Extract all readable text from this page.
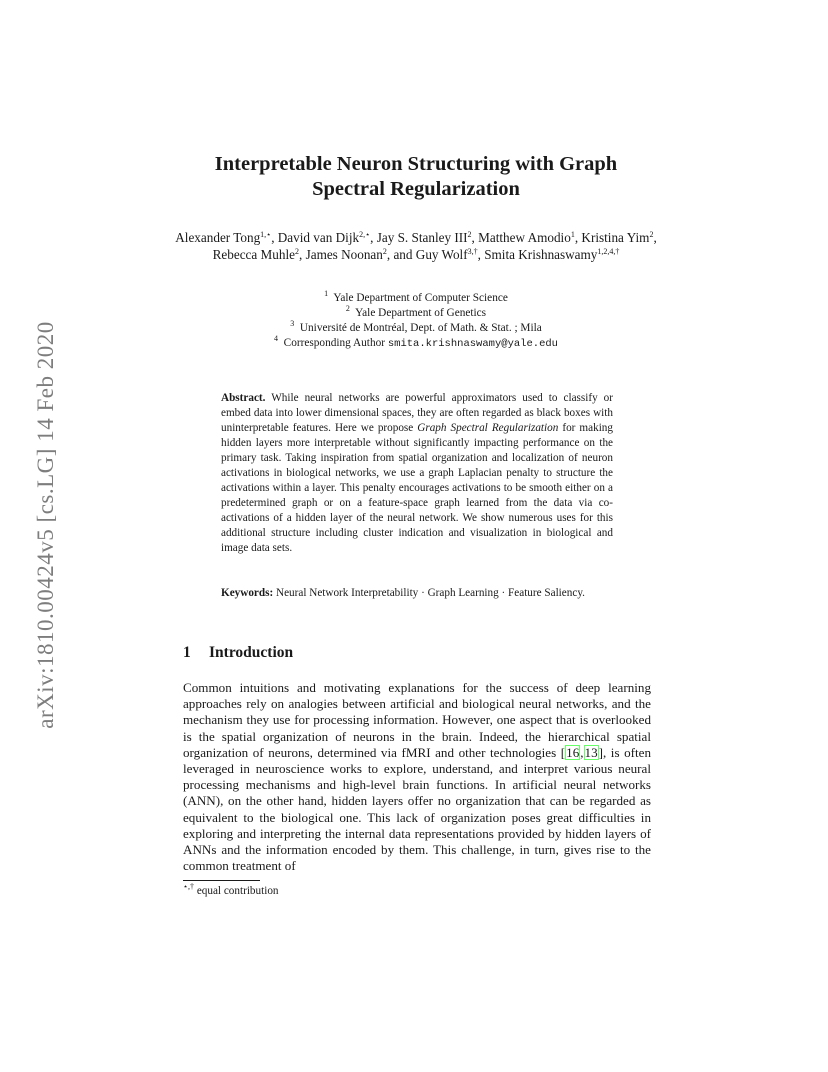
arXiv:1810.00424v5 [cs.LG] 14 Feb 2020
Interpretable Neuron Structuring with Graph
Spectral Regularization
Alexander Tong$^{1,⋆}$, David van Dijk$^{2,⋆}$, Jay S. Stanley III$^2$, Matthew Amodio$^1$, Kristina Yim$^2$, Rebecca Muhle$^2$, James Noonan$^2$, and Guy Wolf$^{3,\dagger}$, Smita Krishnaswamy$^{1,2,4,\dagger}$
$^1$ Yale Department of Computer Science
$^2$ Yale Department of Genetics
$^3$ Université de Montréal, Dept. of Math. & Stat. ; Mila
$^4$ Corresponding Author smita.krishnaswamy@yale.edu
Abstract. While neural networks are powerful approximators used to classify or embed data into lower dimensional spaces, they are often regarded as black boxes with uninterpretable features. Here we propose Graph Spectral Regularization for making hidden layers more interpretable without significantly impacting performance on the primary task. Taking inspiration from spatial organization and localization of neuron activations in biological networks, we use a graph Laplacian penalty to structure the activations within a layer. This penalty encourages activations to be smooth either on a predetermined graph or on a feature-space graph learned from the data via co-activations of a hidden layer of the neural network. We show numerous uses for this additional structure including cluster indication and visualization in biological and image data sets.
Keywords: Neural Network Interpretability · Graph Learning · Feature Saliency.
1 Introduction
Common intuitions and motivating explanations for the success of deep learning approaches rely on analogies between artificial and biological neural networks, and the mechanism they use for processing information. However, one aspect that is overlooked is the spatial organization of neurons in the brain. Indeed, the hierarchical spatial organization of neurons, determined via fMRI and other technologies [16,13], is often leveraged in neuroscience works to explore, understand, and interpret various neural processing mechanisms and high-level brain functions. In artificial neural networks (ANN), on the other hand, hidden layers offer no organization that can be regarded as equivalent to the biological one. This lack of organization poses great difficulties in exploring and interpreting the internal data representations provided by hidden layers of ANNs and the information encoded by them. This challenge, in turn, gives rise to the common treatment of
⋆,† equal contribution
